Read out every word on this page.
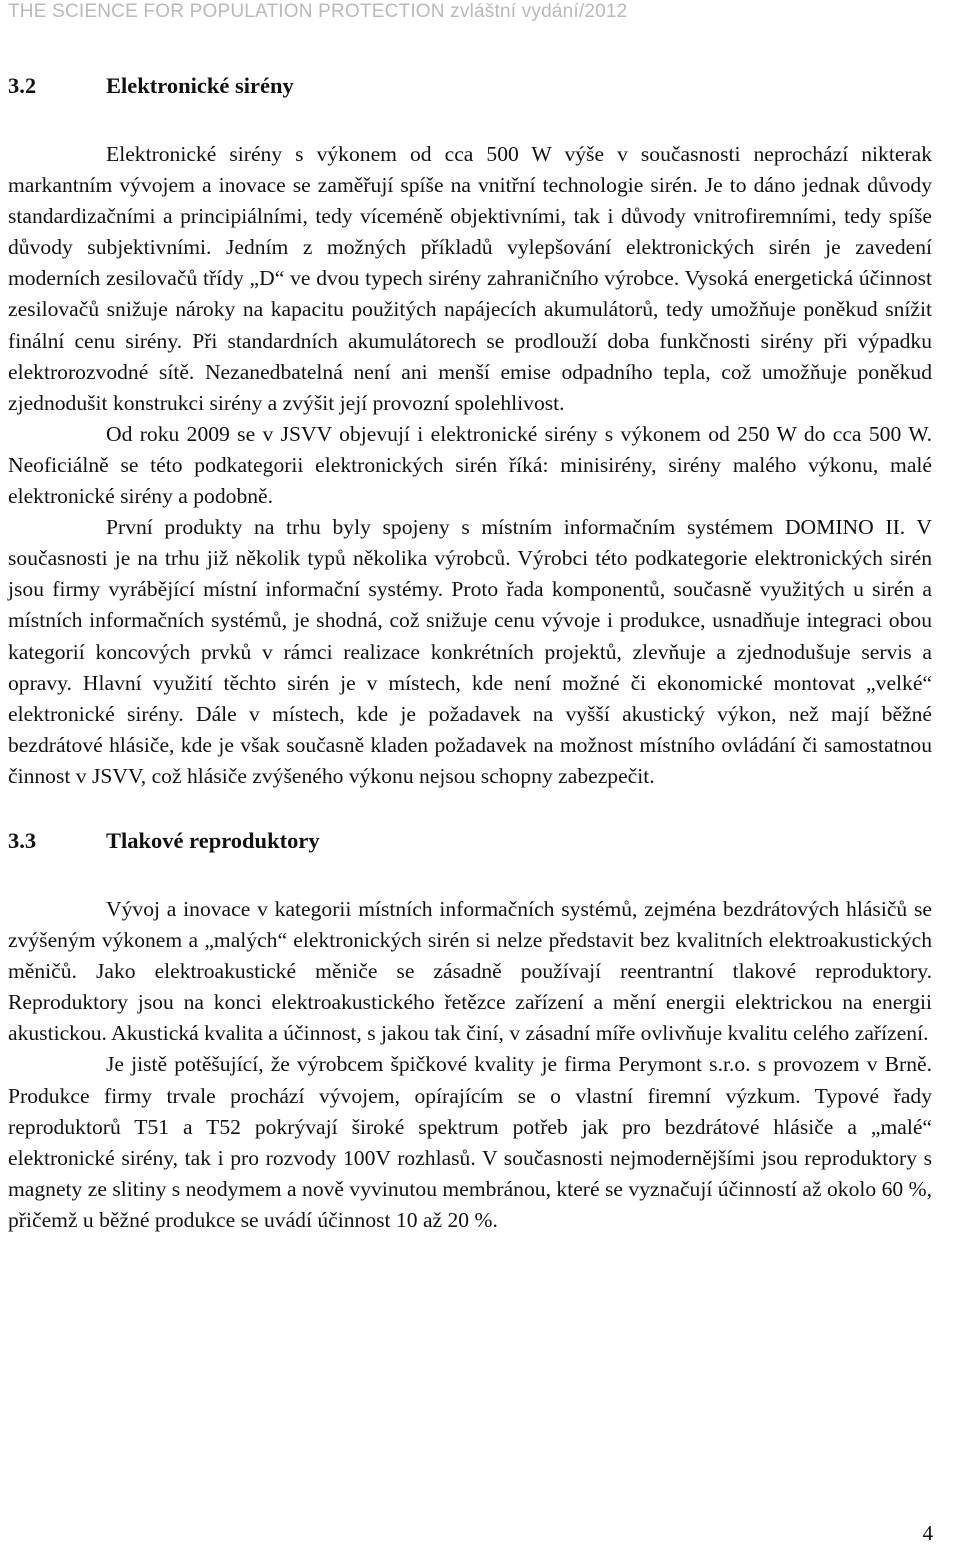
THE SCIENCE FOR POPULATION PROTECTION zvláštní vydání/2012
3.2	Elektronické sirény

Elektronické sirény s výkonem od cca 500 W výše v současnosti neprochází nikterak markantním vývojem a inovace se zaměřují spíše na vnitřní technologie sirén. Je to dáno jednak důvody standardizačními a principiálními, tedy víceméně objektivními, tak i důvody vnitrofiremními, tedy spíše důvody subjektivními. Jedním z možných příkladů vylepšování elektronických sirén je zavedení moderních zesilovačů třídy „D“ ve dvou typech sirény zahraničního výrobce. Vysoká energetická účinnost zesilovačů snižuje nároky na kapacitu použitých napájecích akumulátorů, tedy umožňuje poněkud snížit finální cenu sirény. Při standardních akumulátorech se prodlouží doba funkčnosti sirény při výpadku elektrorozvodné sítě. Nezanedbatelná není ani menší emise odpadního tepla, což umožňuje poněkud zjednodušit konstrukci sirény a zvýšit její provozní spolehlivost.

Od roku 2009 se v JSVV objevují i elektronické sirény s výkonem od 250 W do cca 500 W. Neoficiálně se této podkategorii elektronických sirén říká: minisirény, sirény malého výkonu, malé elektronické sirény a podobně.

První produkty na trhu byly spojeny s místním informačním systémem DOMINO II. V současnosti je na trhu již několik typů několika výrobců. Výrobci této podkategorie elektronických sirén jsou firmy vyrábějící místní informační systémy. Proto řada komponentů, současně využitých u sirén a místních informačních systémů, je shodná, což snižuje cenu vývoje i produkce, usnadňuje integraci obou kategorií koncových prvků v rámci realizace konkrétních projektů, zlevňuje a zjednodušuje servis a opravy. Hlavní využití těchto sirén je v místech, kde není možné či ekonomické montovat „velké“ elektronické sirény. Dále v místech, kde je požadavek na vyšší akustický výkon, než mají běžné bezdrátové hlásiče, kde je však současně kladen požadavek na možnost místního ovládání či samostatnou činnost v JSVV, což hlásiče zvýšeného výkonu nejsou schopny zabezpečit.

3.3	Tlakové reproduktory

Vývoj a inovace v kategorii místních informačních systémů, zejména bezdrátových hlásičů se zvýšeným výkonem a „malých“ elektronických sirén si nelze představit bez kvalitních elektroakustických měničů. Jako elektroakustické měniče se zásadně používají reentrantní tlakové reproduktory. Reproduktory jsou na konci elektroakustického řetězce zařízení a mění energii elektrickou na energii akustickou. Akustická kvalita a účinnost, s jakou tak činí, v zásadní míře ovlivňuje kvalitu celého zařízení.

Je jistě potěšující, že výrobcem špičkové kvality je firma Perymont s.r.o. s provozem v Brně. Produkce firmy trvale prochází vývojem, opírajícím se o vlastní firemní výzkum. Typové řady reproduktorů T51 a T52 pokrývají široké spektrum potřeb jak pro bezdrátové hlásiče a „malé“ elektronické sirény, tak i pro rozvody 100V rozhlasů. V současnosti nejmodernějšími jsou reproduktory s magnety ze slitiny s neodymem a nově vyvinutou membránou, které se vyznačují účinností až okolo 60 %, přičemž u běžné produkce se uvádí účinnost 10 až 20 %.

4
